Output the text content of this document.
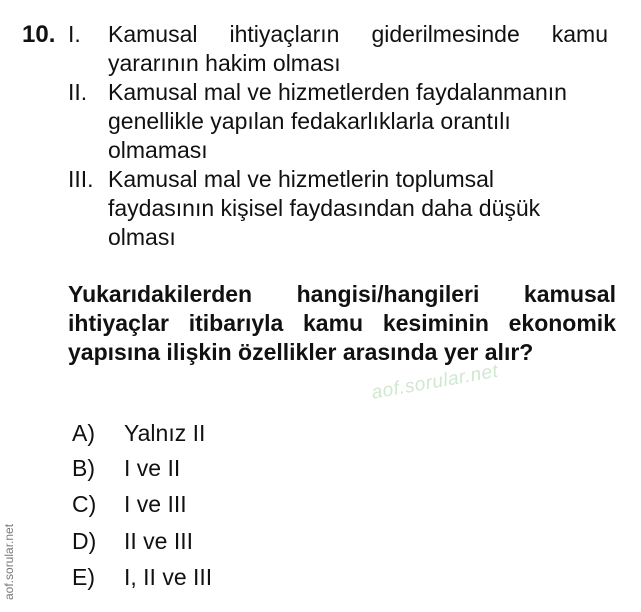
10. I. Kamusal ihtiyaçların giderilmesinde kamu yararının hakim olması
II. Kamusal mal ve hizmetlerden faydalanmanın genellikle yapılan fedakarlıklarla orantılı olmaması
III. Kamusal mal ve hizmetlerin toplumsal faydasının kişisel faydasından daha düşük olması
Yukarıdakilerden hangisi/hangileri kamusal ihtiyaçlar itibarıyla kamu kesiminin ekonomik yapısına ilişkin özellikler arasında yer alır?
aof.sorular.net
A) Yalnız II
B) I ve II
C) I ve III
D) II ve III
E) I, II ve III
aof.sorular.net
